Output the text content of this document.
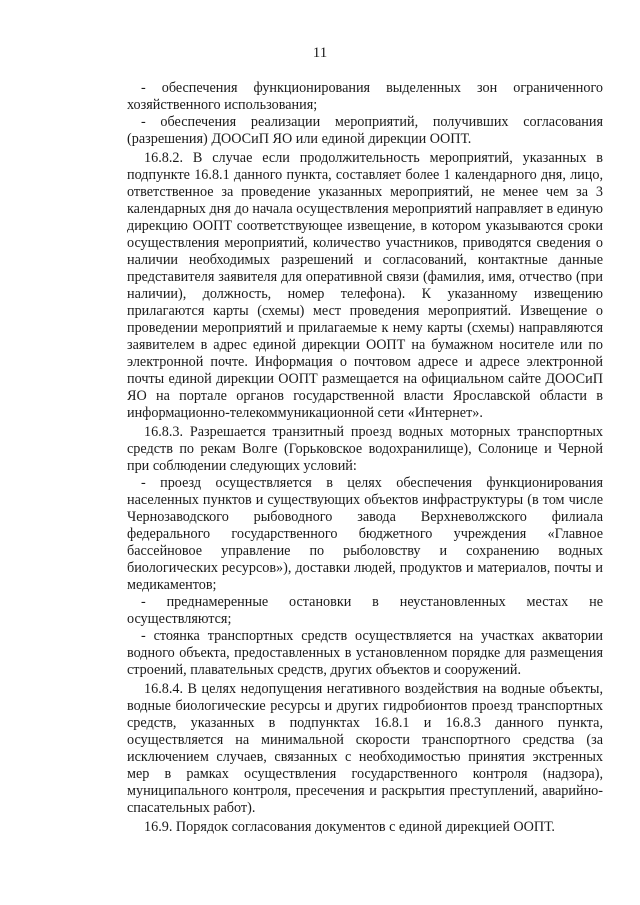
11

- обеспечения функционирования выделенных зон ограниченного хозяйственного использования;

- обеспечения реализации мероприятий, получивших согласования (разрешения) ДООСиП ЯО или единой дирекции ООПТ.

16.8.2. В случае если продолжительность мероприятий, указанных в подпункте 16.8.1 данного пункта, составляет более 1 календарного дня, лицо, ответственное за проведение указанных мероприятий, не менее чем за 3 календарных дня до начала осуществления мероприятий направляет в единую дирекцию ООПТ соответствующее извещение, в котором указываются сроки осуществления мероприятий, количество участников, приводятся сведения о наличии необходимых разрешений и согласований, контактные данные представителя заявителя для оперативной связи (фамилия, имя, отчество (при наличии), должность, номер телефона). К указанному извещению прилагаются карты (схемы) мест проведения мероприятий. Извещение о проведении мероприятий и прилагаемые к нему карты (схемы) направляются заявителем в адрес единой дирекции ООПТ на бумажном носителе или по электронной почте. Информация о почтовом адресе и адресе электронной почты единой дирекции ООПТ размещается на официальном сайте ДООСиП ЯО на портале органов государственной власти Ярославской области в информационно-телекоммуникационной сети «Интернет».

16.8.3. Разрешается транзитный проезд водных моторных транспортных средств по рекам Волге (Горьковское водохранилище), Солонице и Черной при соблюдении следующих условий:

- проезд осуществляется в целях обеспечения функционирования населенных пунктов и существующих объектов инфраструктуры (в том числе Чернозаводского рыбоводного завода Верхневолжского филиала федерального государственного бюджетного учреждения «Главное бассейновое управление по рыболовству и сохранению водных биологических ресурсов»), доставки людей, продуктов и материалов, почты и медикаментов;

- преднамеренные остановки в неустановленных местах не осуществляются;

- стоянка транспортных средств осуществляется на участках акватории водного объекта, предоставленных в установленном порядке для размещения строений, плавательных средств, других объектов и сооружений.

16.8.4. В целях недопущения негативного воздействия на водные объекты, водные биологические ресурсы и других гидробионтов проезд транспортных средств, указанных в подпунктах 16.8.1 и 16.8.3 данного пункта, осуществляется на минимальной скорости транспортного средства (за исключением случаев, связанных с необходимостью принятия экстренных мер в рамках осуществления государственного контроля (надзора), муниципального контроля, пресечения и раскрытия преступлений, аварийно-спасательных работ).

16.9. Порядок согласования документов с единой дирекцией ООПТ.
